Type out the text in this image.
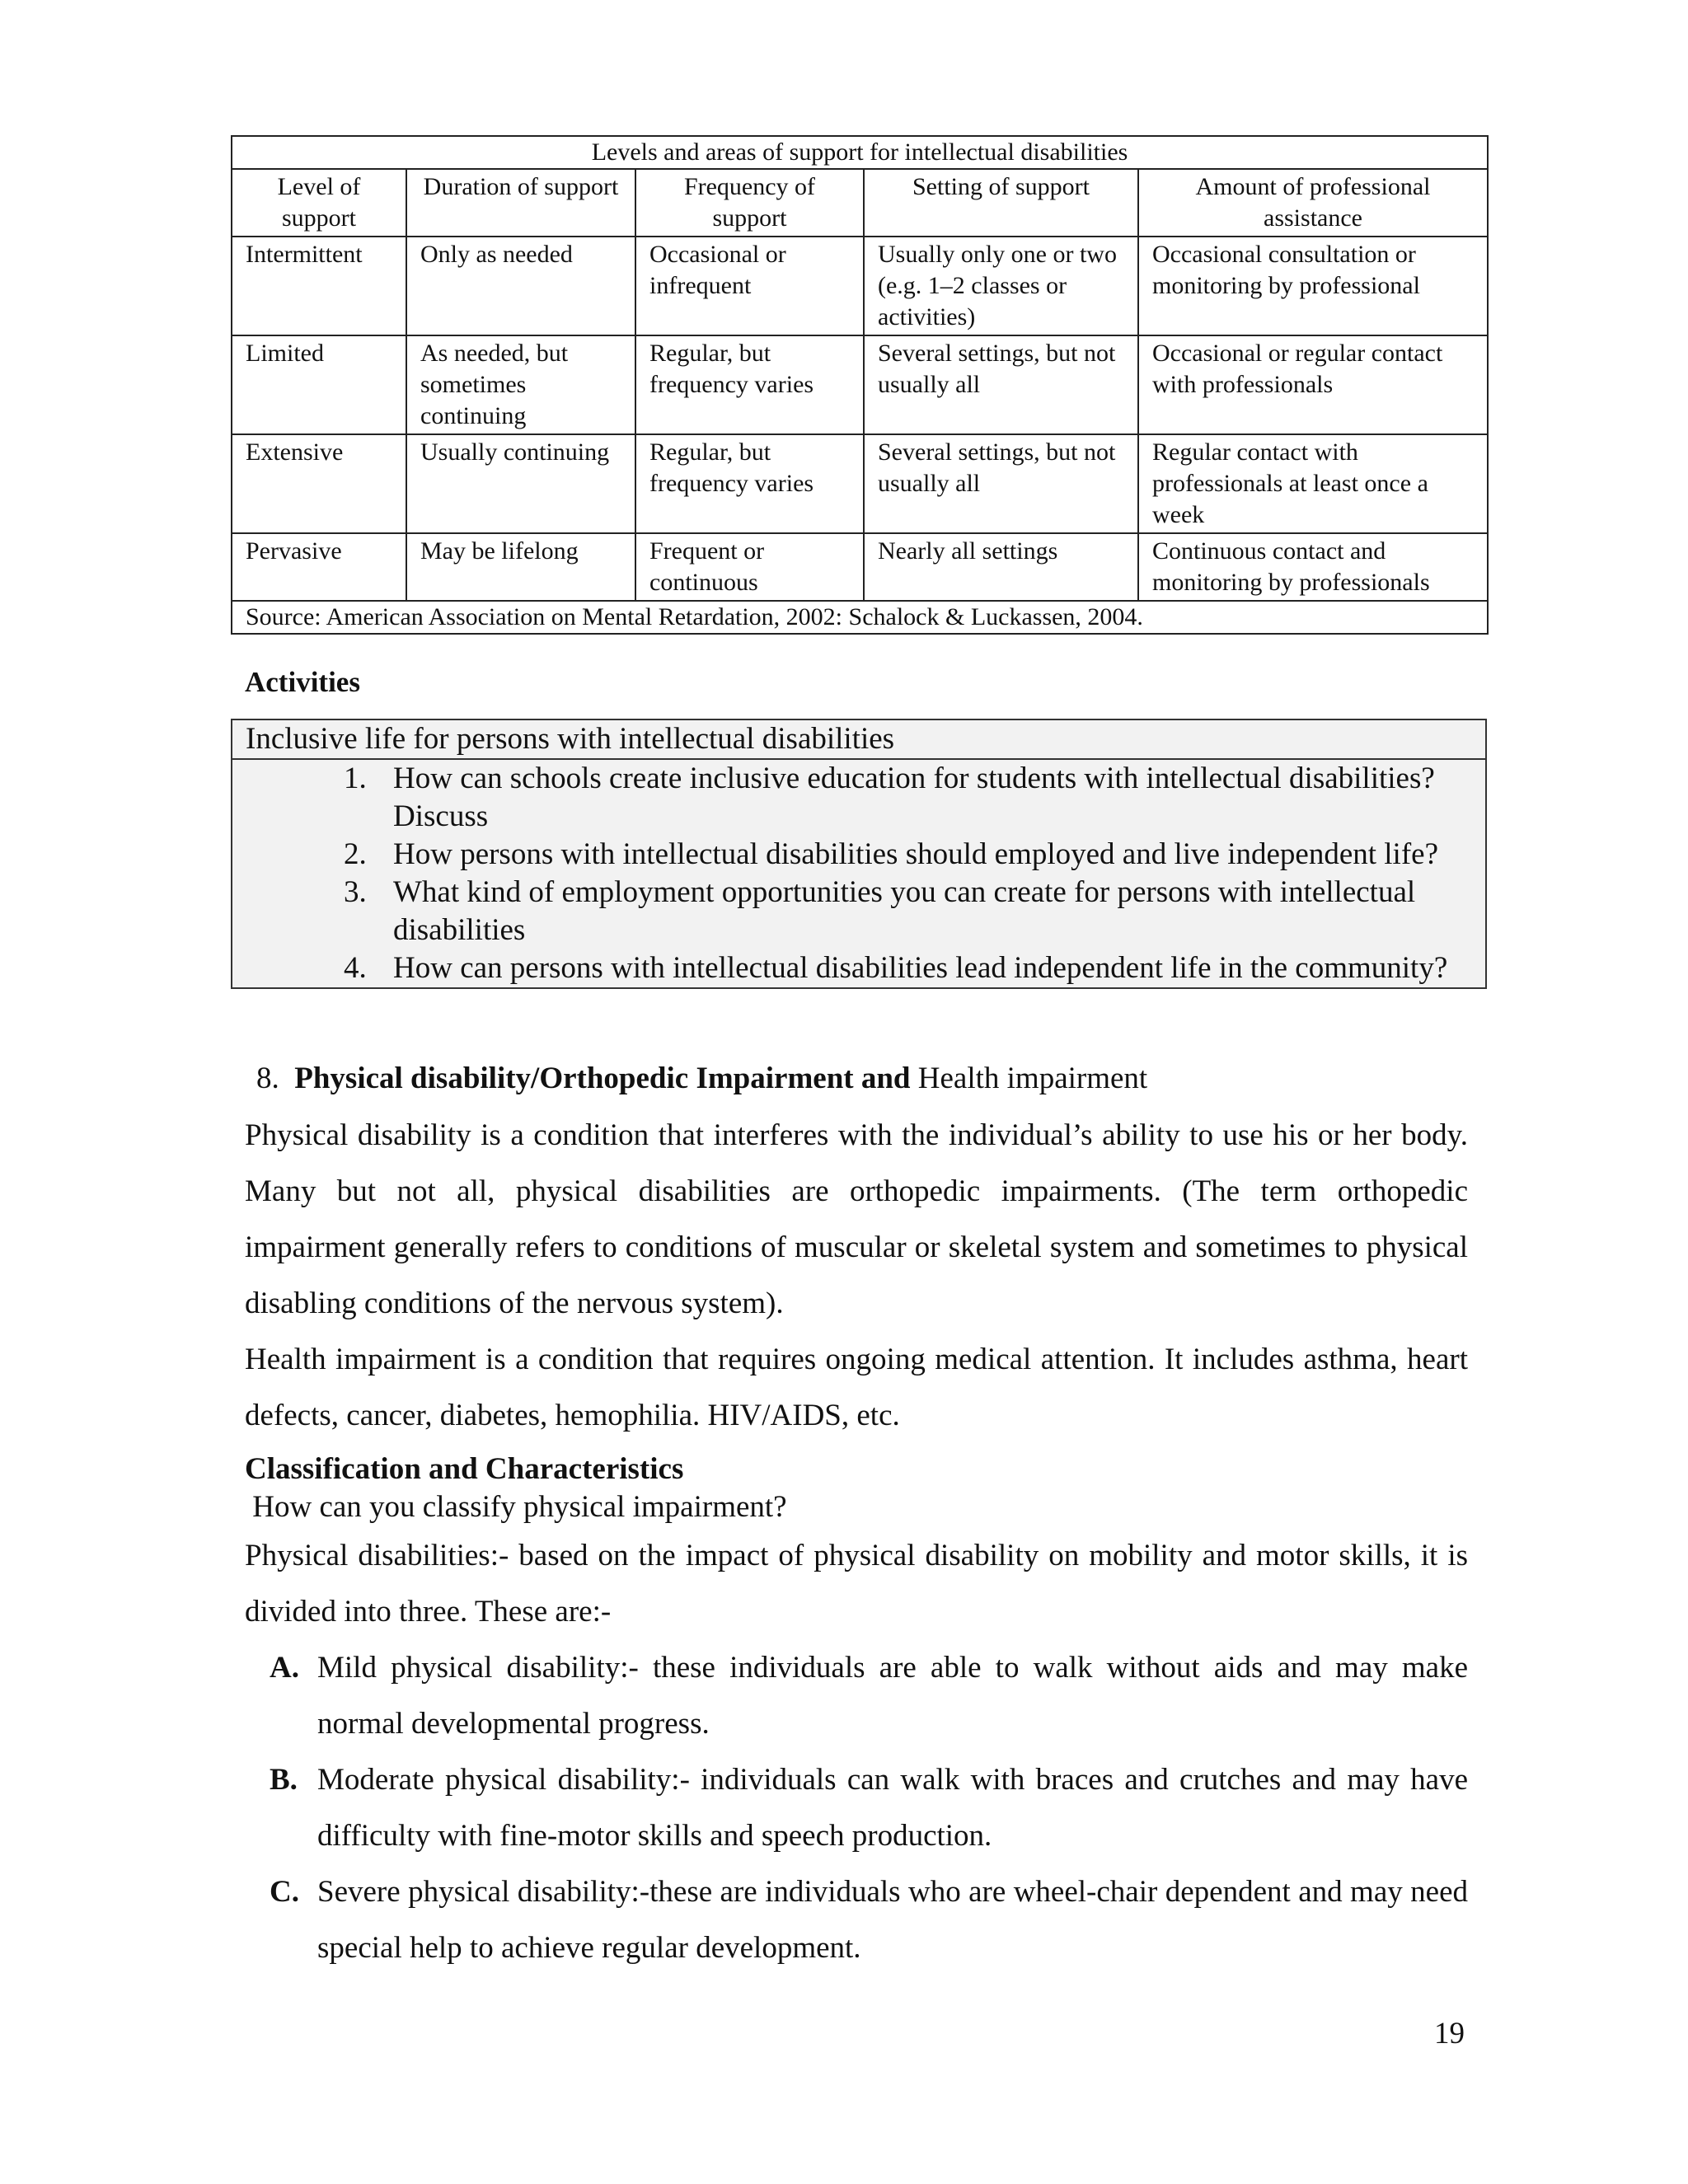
Levels and areas of support for intellectual disabilities				
Level of support	Duration of support	Frequency of support	Setting of support	Amount of professional assistance
Intermittent	Only as needed	Occasional or infrequent	Usually only one or two (e.g. 1–2 classes or activities)	Occasional consultation or monitoring by professional
Limited	As needed, but sometimes continuing	Regular, but frequency varies	Several settings, but not usually all	Occasional or regular contact with professionals
Extensive	Usually continuing	Regular, but frequency varies	Several settings, but not usually all	Regular contact with professionals at least once a week
Pervasive	May be lifelong	Frequent or continuous	Nearly all settings	Continuous contact and monitoring by professionals
Source: American Association on Mental Retardation, 2002: Schalock & Luckassen, 2004.				
Activities
Inclusive life for persons with intellectual disabilities
1. How can schools create inclusive education for students with intellectual disabilities? Discuss
2. How persons with intellectual disabilities should employed and live independent life?
3. What kind of employment opportunities you can create for persons with intellectual disabilities
4. How can persons with intellectual disabilities lead independent life in the community?
8. Physical disability/Orthopedic Impairment and Health impairment
Physical disability is a condition that interferes with the individual’s ability to use his or her body. Many but not all, physical disabilities are orthopedic impairments. (The term orthopedic impairment generally refers to conditions of muscular or skeletal system and sometimes to physical disabling conditions of the nervous system).
Health impairment is a condition that requires ongoing medical attention. It includes asthma, heart defects, cancer, diabetes, hemophilia. HIV/AIDS, etc.
Classification and Characteristics
How can you classify physical impairment?
Physical disabilities:- based on the impact of physical disability on mobility and motor skills, it is divided into three. These are:-
A. Mild physical disability:- these individuals are able to walk without aids and may make normal developmental progress.
B. Moderate physical disability:- individuals can walk with braces and crutches and may have difficulty with fine-motor skills and speech production.
C. Severe physical disability:-these are individuals who are wheel-chair dependent and may need special help to achieve regular development.
19
